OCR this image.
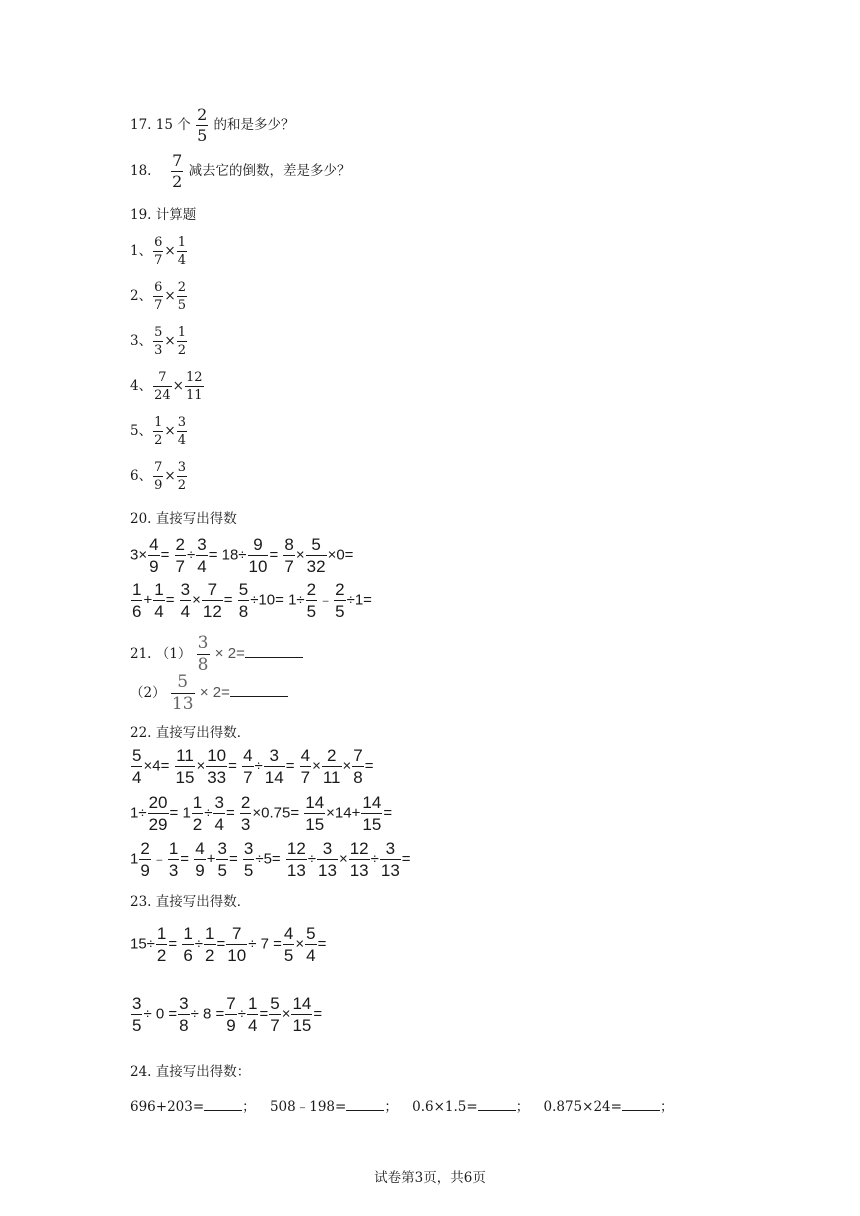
17. 15 个 $\frac{2}{5}$ 的和是多少？
18. $\frac{7}{2}$ 减去它的倒数，差是多少？
19. 计算题
1、 $\frac{6}{7} \times \frac{1}{4}$
2、 $\frac{6}{7} \times \frac{2}{5}$
3、 $\frac{5}{3} \times \frac{1}{2}$
4、 $\frac{7}{24} \times \frac{12}{11}$
5、 $\frac{1}{2} \times \frac{3}{4}$
6、 $\frac{7}{9} \times \frac{3}{2}$
20. 直接写出得数
$3\times \frac{4}{9} = \frac{2}{7} \div \frac{3}{4} = 18\div \frac{9}{10} = \frac{8}{7} \times \frac{5}{32} \times 0=$
$\frac{1}{6} + \frac{1}{4} = \frac{3}{4} \times \frac{7}{12} = \frac{5}{8} \div 10= 1\div \frac{2}{5}$ ﹣ $\frac{2}{5} \div 1=$
21. $(1) \frac{3}{8} \times 2=$
$(2) \frac{5}{13} \times 2=$
22. 直接写出得数．
$\frac{5}{4} \times 4= \frac{11}{15} \times \frac{10}{33} = \frac{4}{7} \div \frac{3}{14} = \frac{4}{7} \times \frac{2}{11} \times \frac{7}{8}$ =
$1\div \frac{20}{29} = 1 \frac{1}{2} \div \frac{3}{4} = \frac{2}{3} \times 0.75= \frac{14}{15} \times 14+ \frac{14}{15}$ =
$1 \frac{2}{9}$ ﹣ $\frac{1}{3} = \frac{4}{9} + \frac{3}{5} = \frac{3}{5} \div 5= \frac{12}{13} \div \frac{3}{13} \times \frac{12}{13} \div \frac{3}{13}$ =
23. 直接写出得数．
$15\div \frac{1}{2} = \frac{1}{6} \div \frac{1}{2} = \frac{7}{10} \div 7 = \frac{4}{5} \times \frac{5}{4}$ =
$\frac{3}{5} \div 0 = \frac{3}{8} \div 8 = \frac{7}{9} \div \frac{1}{4} = \frac{5}{7} \times \frac{14}{15}$ =
24. 直接写出得数：
696+203=	； 508﹣198=	； 0.6×1.5=	； 0.875×24=	；
试卷第3页，共6页
